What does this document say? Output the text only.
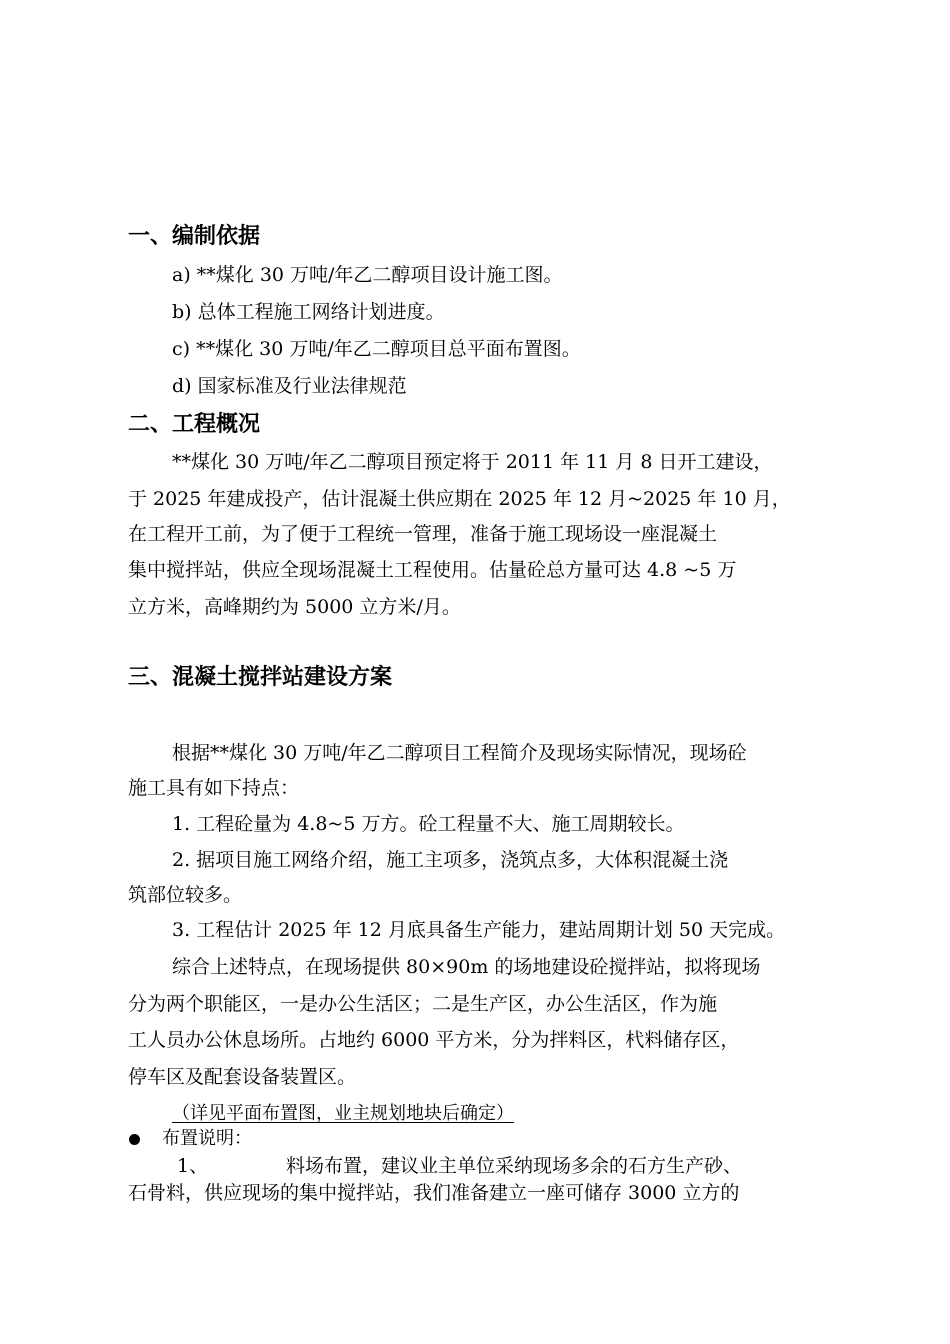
一、编制依据
a) **煤化 30 万吨/年乙二醇项目设计施工图。
b) 总体工程施工网络计划进度。
c) **煤化 30 万吨/年乙二醇项目总平面布置图。
d) 国家标准及行业法律规范
二、工程概况
**煤化 30 万吨/年乙二醇项目预定将于 2011 年 11 月 8 日开工建设，
于 2025 年建成投产，估计混凝土供应期在 2025 年 12 月~2025 年 10 月，
在工程开工前，为了便于工程统一管理，准备于施工现场设一座混凝土
集中搅拌站，供应全现场混凝土工程使用。估量砼总方量可达 4.8 ~5 万
立方米，高峰期约为 5000 立方米/月。
三、混凝土搅拌站建设方案
根据**煤化 30 万吨/年乙二醇项目工程简介及现场实际情况，现场砼
施工具有如下持点：
1. 工程砼量为 4.8~5 万方。砼工程量不大、施工周期较长。
2. 据项目施工网络介绍，施工主项多，浇筑点多，大体积混凝土浇
筑部位较多。
3. 工程估计 2025 年 12 月底具备生产能力，建站周期计划 50 天完成。
综合上述特点，在现场提供 80×90m 的场地建设砼搅拌站，拟将现场
分为两个职能区，一是办公生活区；二是生产区，办公生活区，作为施
工人员办公休息场所。占地约 6000 平方米，分为拌料区，杙料储存区，
停车区及配套设备装置区。
（详见平面布置图，业主规划地块后确定）
布置说明：
1、	料场布置，建议业主单位采纳现场多余的石方生产砂、
石骨料，供应现场的集中搅拌站，我们准备建立一座可储存 3000 立方的
